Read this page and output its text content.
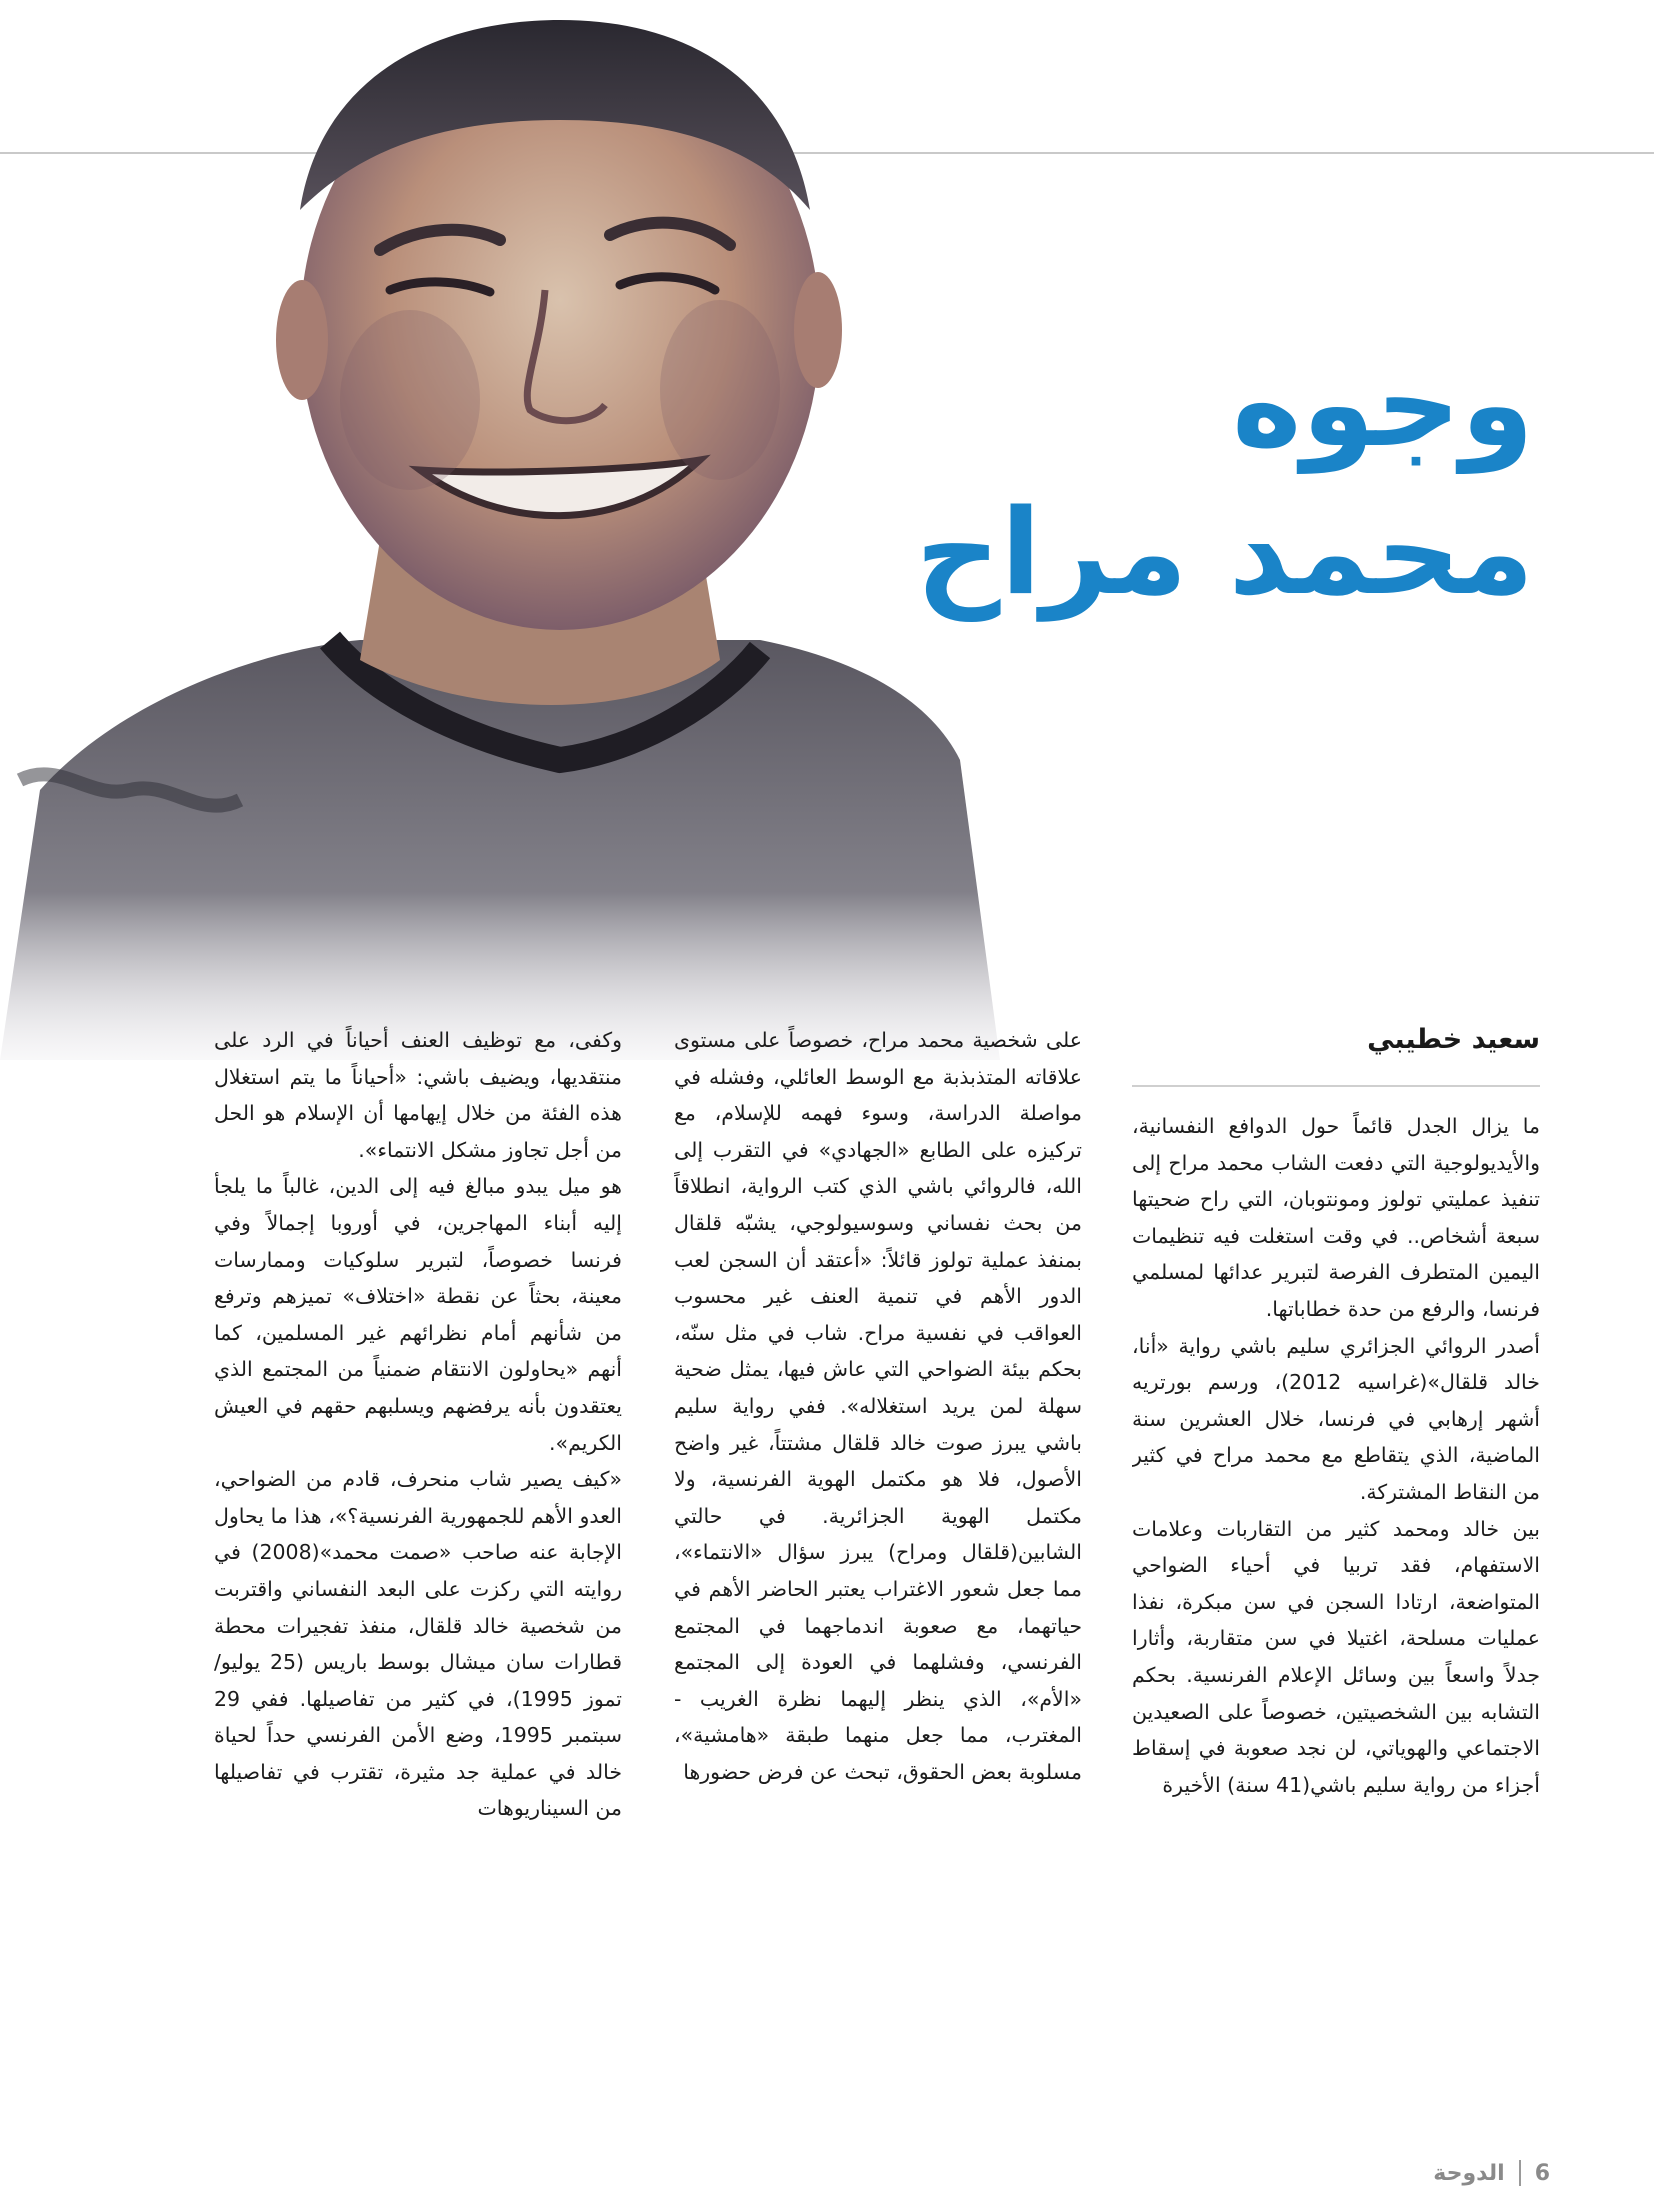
وجوه
محمد مراح
سعيد خطيبي

ما يزال الجدل قائماً حول الدوافع النفسانية، والأيديولوجية التي دفعت الشاب محمد مراح إلى تنفيذ عمليتي تولوز ومونتوبان، التي راح ضحيتها سبعة أشخاص.. في وقت استغلت فيه تنظيمات اليمين المتطرف الفرصة لتبرير عدائها لمسلمي فرنسا، والرفع من حدة خطاباتها.

أصدر الروائي الجزائري سليم باشي رواية «أنا، خالد قلقال»(غراسيه 2012)، ورسم بورتريه أشهر إرهابي في فرنسا، خلال العشرين سنة الماضية، الذي يتقاطع مع محمد مراح في كثير من النقاط المشتركة.

بين خالد ومحمد كثير من التقاربات وعلامات الاستفهام، فقد تربيا في أحياء الضواحي المتواضعة، ارتادا السجن في سن مبكرة، نفذا عمليات مسلحة، اغتيلا في سن متقاربة، وأثارا جدلاً واسعاً بين وسائل الإعلام الفرنسية. بحكم التشابه بين الشخصيتين، خصوصاً على الصعيدين الاجتماعي والهوياتي، لن نجد صعوبة في إسقاط أجزاء من رواية سليم باشي(41 سنة) الأخيرة

على شخصية محمد مراح، خصوصاً على مستوى علاقاته المتذبذبة مع الوسط العائلي، وفشله في مواصلة الدراسة، وسوء فهمه للإسلام، مع تركيزه على الطابع «الجهادي» في التقرب إلى الله، فالروائي باشي الذي كتب الرواية، انطلاقاً من بحث نفساني وسوسيولوجي، يشبّه قلقال بمنفذ عملية تولوز قائلاً: «أعتقد أن السجن لعب الدور الأهم في تنمية العنف غير محسوب العواقب في نفسية مراح. شاب في مثل سنّه، بحكم بيئة الضواحي التي عاش فيها، يمثل ضحية سهلة لمن يريد استغلاله». ففي رواية سليم باشي يبرز صوت خالد قلقال مشتتاً، غير واضح الأصول، فلا هو مكتمل الهوية الفرنسية، ولا مكتمل الهوية الجزائرية. في حالتي الشابين(قلقال ومراح) يبرز سؤال «الانتماء»، مما جعل شعور الاغتراب يعتبر الحاضر الأهم في حياتهما، مع صعوبة اندماجهما في المجتمع الفرنسي، وفشلهما في العودة إلى المجتمع «الأم»، الذي ينظر إليهما نظرة الغريب - المغترب، مما جعل منهما طبقة «هامشية»، مسلوبة بعض الحقوق، تبحث عن فرض حضورها

وكفى، مع توظيف العنف أحياناً في الرد على منتقديها، ويضيف باشي: «أحياناً ما يتم استغلال هذه الفئة من خلال إيهامها أن الإسلام هو الحل من أجل تجاوز مشكل الانتماء».

هو ميل يبدو مبالغ فيه إلى الدين، غالباً ما يلجأ إليه أبناء المهاجرين، في أوروبا إجمالاً وفي فرنسا خصوصاً، لتبرير سلوكيات وممارسات معينة، بحثاً عن نقطة «اختلاف» تميزهم وترفع من شأنهم أمام نظرائهم غير المسلمين، كما أنهم «يحاولون الانتقام ضمنياً من المجتمع الذي يعتقدون بأنه يرفضهم ويسلبهم حقهم في العيش الكريم».

«كيف يصير شاب منحرف، قادم من الضواحي، العدو الأهم للجمهورية الفرنسية؟»، هذا ما يحاول الإجابة عنه صاحب «صمت محمد»(2008) في روايته التي ركزت على البعد النفساني واقتربت من شخصية خالد قلقال، منفذ تفجيرات محطة قطارات سان ميشال بوسط باريس (25 يوليو/تموز 1995)، في كثير من تفاصيلها. ففي 29 سبتمبر 1995، وضع الأمن الفرنسي حداً لحياة خالد في عملية جد مثيرة، تقترب في تفاصيلها من السيناريوهات

6
الدوحة
